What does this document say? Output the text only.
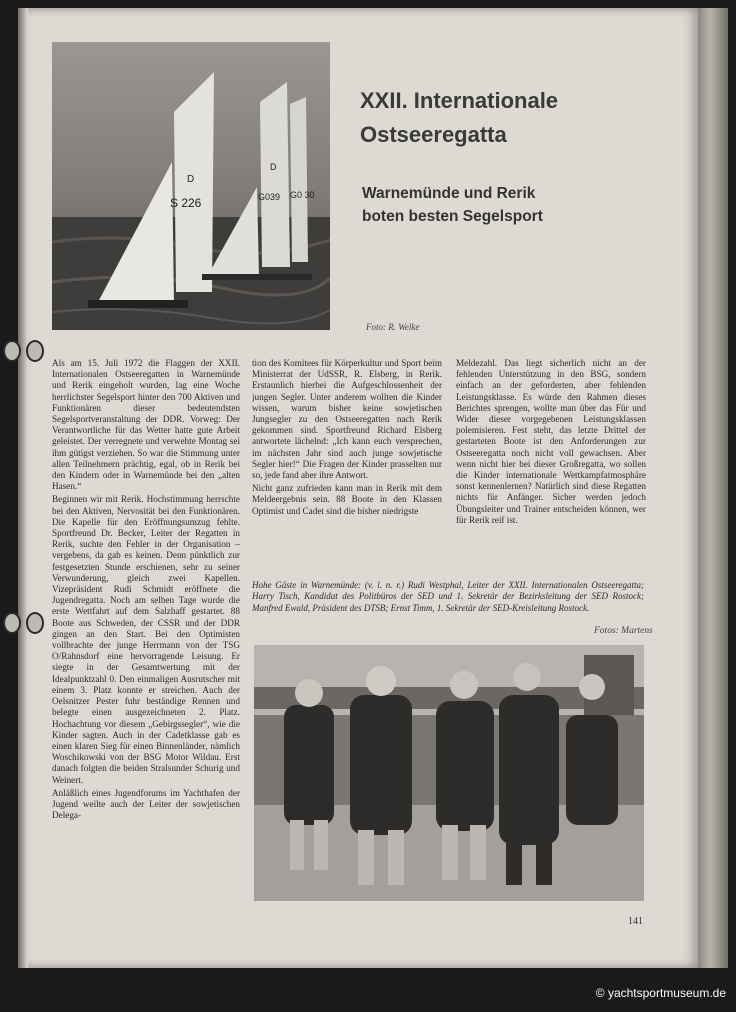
D
S 226
D
G039 G0 30
XXII. Internationale
Ostseeregatta
Warnemünde und Rerik
boten besten Segelsport
Foto: R. Welke

Als am 15. Juli 1972 die Flaggen der XXII. Internationalen Ostseeregatten in Warnemünde und Rerik eingeholt wurden, lag eine Woche herrlichster Segelsport hinter den 700 Aktiven und Funktionären dieser bedeutendsten Segelsportveranstaltung der DDR. Vorweg: Der Verantwortliche für das Wetter hatte gute Arbeit geleistet. Der verregnete und verwehte Montag sei ihm gütigst verziehen. So war die Stimmung unter allen Teilnehmern prächtig, egal, ob in Rerik bei den Kindern oder in Warnemünde bei den „alten Hasen.“

Beginnen wir mit Rerik. Hochstimmung herrschte bei den Aktiven, Nervosität bei den Funktionären. Die Kapelle für den Eröffnungsumzug fehlte. Sportfreund Dr. Becker, Leiter der Regatten in Rerik, suchte den Fehler in der Organisation – vergebens, da gab es keinen. Denn pünktlich zur festgesetzten Stunde erschienen, sehr zu seiner Verwunderung, gleich zwei Kapellen. Vizepräsident Rudi Schmidt eröffnete die Jugendregatta. Noch am selben Tage wurde die erste Wettfahrt auf dem Salzhaff gestartet. 88 Boote aus Schweden, der CSSR und der DDR gingen an den Start. Bei den Optimisten vollbrachte der junge Herrmann von der TSG O/Rahnsdorf eine hervorragende Leisung. Er siegte in der Gesamtwertung mit der Idealpunktzahl 0. Den einmaligen Ausrutscher mit einem 3. Platz konnte er streichen. Auch der Oelsnitzer Pester fuhr beständige Rennen und belegte einen ausgezeichneten 2. Platz. Hochachtung vor diesem „Gebirgssegler“, wie die Kinder sagten. Auch in der Cadetklasse gab es einen klaren Sieg für einen Binnenländer, nämlich Woschikowski von der BSG Motor Wildau. Erst danach folgten die beiden Stralsunder Schurig und Weinert.

Anläßlich eines Jugendforums im Yachthafen der Jugend weilte auch der Leiter der sowjetischen Delega-

tion des Komitees für Körperkultur und Sport beim Ministerrat der UdSSR, R. Elsberg, in Rerik. Erstaunlich hierbei die Aufgeschlossenheit der jungen Segler. Unter anderem wollten die Kinder wissen, warum bisher keine sowjetischen Jungsegler zu den Ostseeregatten nach Rerik gekommen sind. Sportfreund Richard Elsberg antwortete lächelnd: „Ich kann euch versprechen, im nächsten Jahr sind auch junge sowjetische Segler hier!“ Die Fragen der Kinder prasselten nur so, jede fand aber ihre Antwort.

Nicht ganz zufrieden kann man in Rerik mit dem Meldeergebnis sein. 88 Boote in den Klassen Optimist und Cadet sind die bisher niedrigste

Meldezahl. Das liegt sicherlich nicht an der fehlenden Unterstützung in den BSG, sondern einfach an der geforderten, aber fehlenden Leistungsklasse. Es würde den Rahmen dieses Berichtes sprengen, wollte man über das Für und Wider dieser vorgegebenen Leistungsklassen polemisieren. Fest steht, das letzte Drittel der gestarteten Boote ist den Anforderungen zur Ostseeregatta noch nicht voll gewachsen. Aber wenn nicht hier bei dieser Großregatta, wo sollen die Kinder internationale Wettkampfatmosphäre sonst kennenlernen? Natürlich sind diese Regatten nichts für Anfänger. Sicher werden jedoch Übungsleiter und Trainer entscheiden können, wer für Rerik reif ist.

Hohe Gäste in Warnemünde: (v. l. n. r.) Rudi Westphal, Leiter der XXII. Internationalen Ostseeregatta; Harry Tisch, Kandidat des Politbüros der SED und 1. Sekretär der Bezirksleitung der SED Rostock; Manfred Ewald, Präsident des DTSB; Ernst Timm, 1. Sekretär der SED-Kreisleitung Rostock.
Fotos: Martens
141
© yachtsportmuseum.de
